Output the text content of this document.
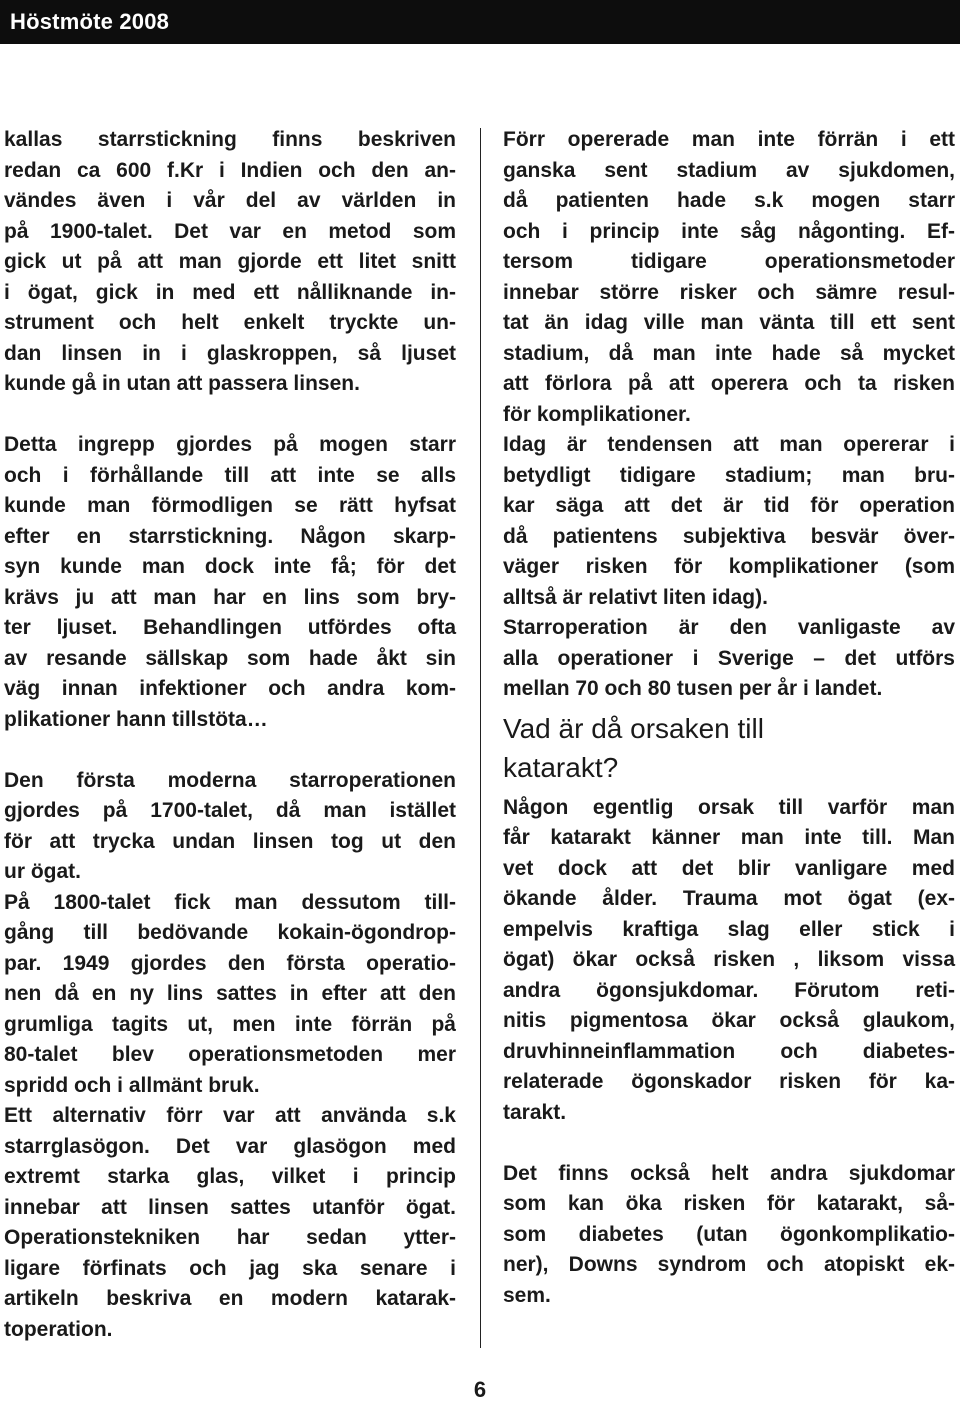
Höstmöte 2008
kallas starrstickning finns beskriven
redan ca 600 f.Kr i Indien och den an-
vändes även i vår del av världen in
på 1900-talet. Det var en metod som
gick ut på att man gjorde ett litet snitt
i ögat, gick in med ett nålliknande in-
strument och helt enkelt tryckte un-
dan linsen in i glaskroppen, så ljuset
kunde gå in utan att passera linsen.
Detta ingrepp gjordes på mogen starr
och i förhållande till att inte se alls
kunde man förmodligen se rätt hyfsat
efter en starrstickning. Någon skarp-
syn kunde man dock inte få; för det
krävs ju att man har en lins som bry-
ter ljuset. Behandlingen utfördes ofta
av resande sällskap som hade åkt sin
väg innan infektioner och andra kom-
plikationer hann tillstöta…
Den första moderna starroperationen
gjordes på 1700-talet, då man istället
för att trycka undan linsen tog ut den
ur ögat.
På 1800-talet fick man dessutom till-
gång till bedövande kokain-ögondrop-
par. 1949 gjordes den första operatio-
nen då en ny lins sattes in efter att den
grumliga tagits ut, men inte förrän på
80-talet blev operationsmetoden mer
spridd och i allmänt bruk.
Ett alternativ förr var att använda s.k
starrglasögon. Det var glasögon med
extremt starka glas, vilket i princip
innebar att linsen sattes utanför ögat.
Operationstekniken har sedan ytter-
ligare förfinats och jag ska senare i
artikeln beskriva en modern katarak-
toperation.
Förr opererade man inte förrän i ett
ganska sent stadium av sjukdomen,
då patienten hade s.k mogen starr
och i princip inte såg någonting. Ef-
tersom tidigare operationsmetoder
innebar större risker och sämre resul-
tat än idag ville man vänta till ett sent
stadium, då man inte hade så mycket
att förlora på att operera och ta risken
för komplikationer.
Idag är tendensen att man opererar i
betydligt tidigare stadium; man bru-
kar säga att det är tid för operation
då patientens subjektiva besvär över-
väger risken för komplikationer (som
alltså är relativt liten idag).
Starroperation är den vanligaste av
alla operationer i Sverige – det utförs
mellan 70 och 80 tusen per år i landet.
Vad är då orsaken till
katarakt?
Någon egentlig orsak till varför man
får katarakt känner man inte till. Man
vet dock att det blir vanligare med
ökande ålder. Trauma mot ögat (ex-
empelvis kraftiga slag eller stick i
ögat) ökar också risken , liksom vissa
andra ögonsjukdomar. Förutom reti-
nitis pigmentosa ökar också glaukom,
druvhinneinflammation och diabetes-
relaterade ögonskador risken för ka-
tarakt.
Det finns också helt andra sjukdomar
som kan öka risken för katarakt, så-
som diabetes (utan ögonkomplikatio-
ner), Downs syndrom och atopiskt ek-
sem.
6
